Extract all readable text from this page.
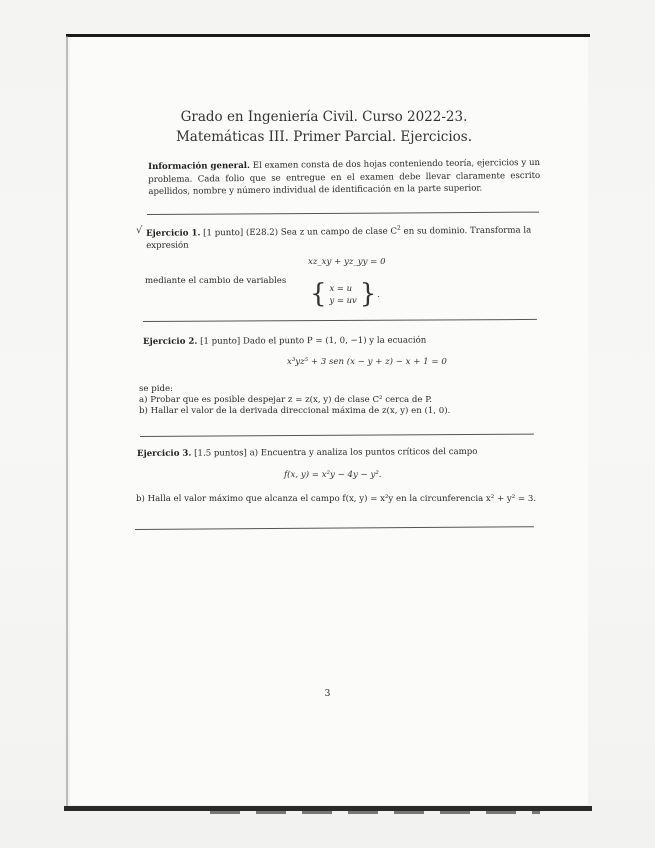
Grado en Ingeniería Civil. Curso 2022-23.
Matemáticas III. Primer Parcial. Ejercicios.
Información general. El examen consta de dos hojas conteniendo teoría, ejercicios y un problema. Cada folio que se entregue en el examen debe llevar claramente escrito apellidos, nombre y número individual de identificación en la parte superior.
√ Ejercicio 1. [1 punto] (E28.2) Sea z un campo de clase $C^2$ en su dominio. Transforma la expresión
xz_xy + yz_yy = 0
mediante el cambio de variables { x = u
y = uv } .
Ejercicio 2. [1 punto] Dado el punto P = (1, 0, −1) y la ecuación
x³yz⁵ + 3 sen (x − y + z) − x + 1 = 0
se pide:
a) Probar que es posible despejar z = z(x, y) de clase C² cerca de P.
b) Hallar el valor de la derivada direccional máxima de z(x, y) en (1, 0).
Ejercicio 3. [1.5 puntos] a) Encuentra y analiza los puntos críticos del campo
f(x, y) = x²y − 4y − y².
b) Halla el valor máximo que alcanza el campo f(x, y) = x²y en la circunferencia x² + y² = 3.
3
